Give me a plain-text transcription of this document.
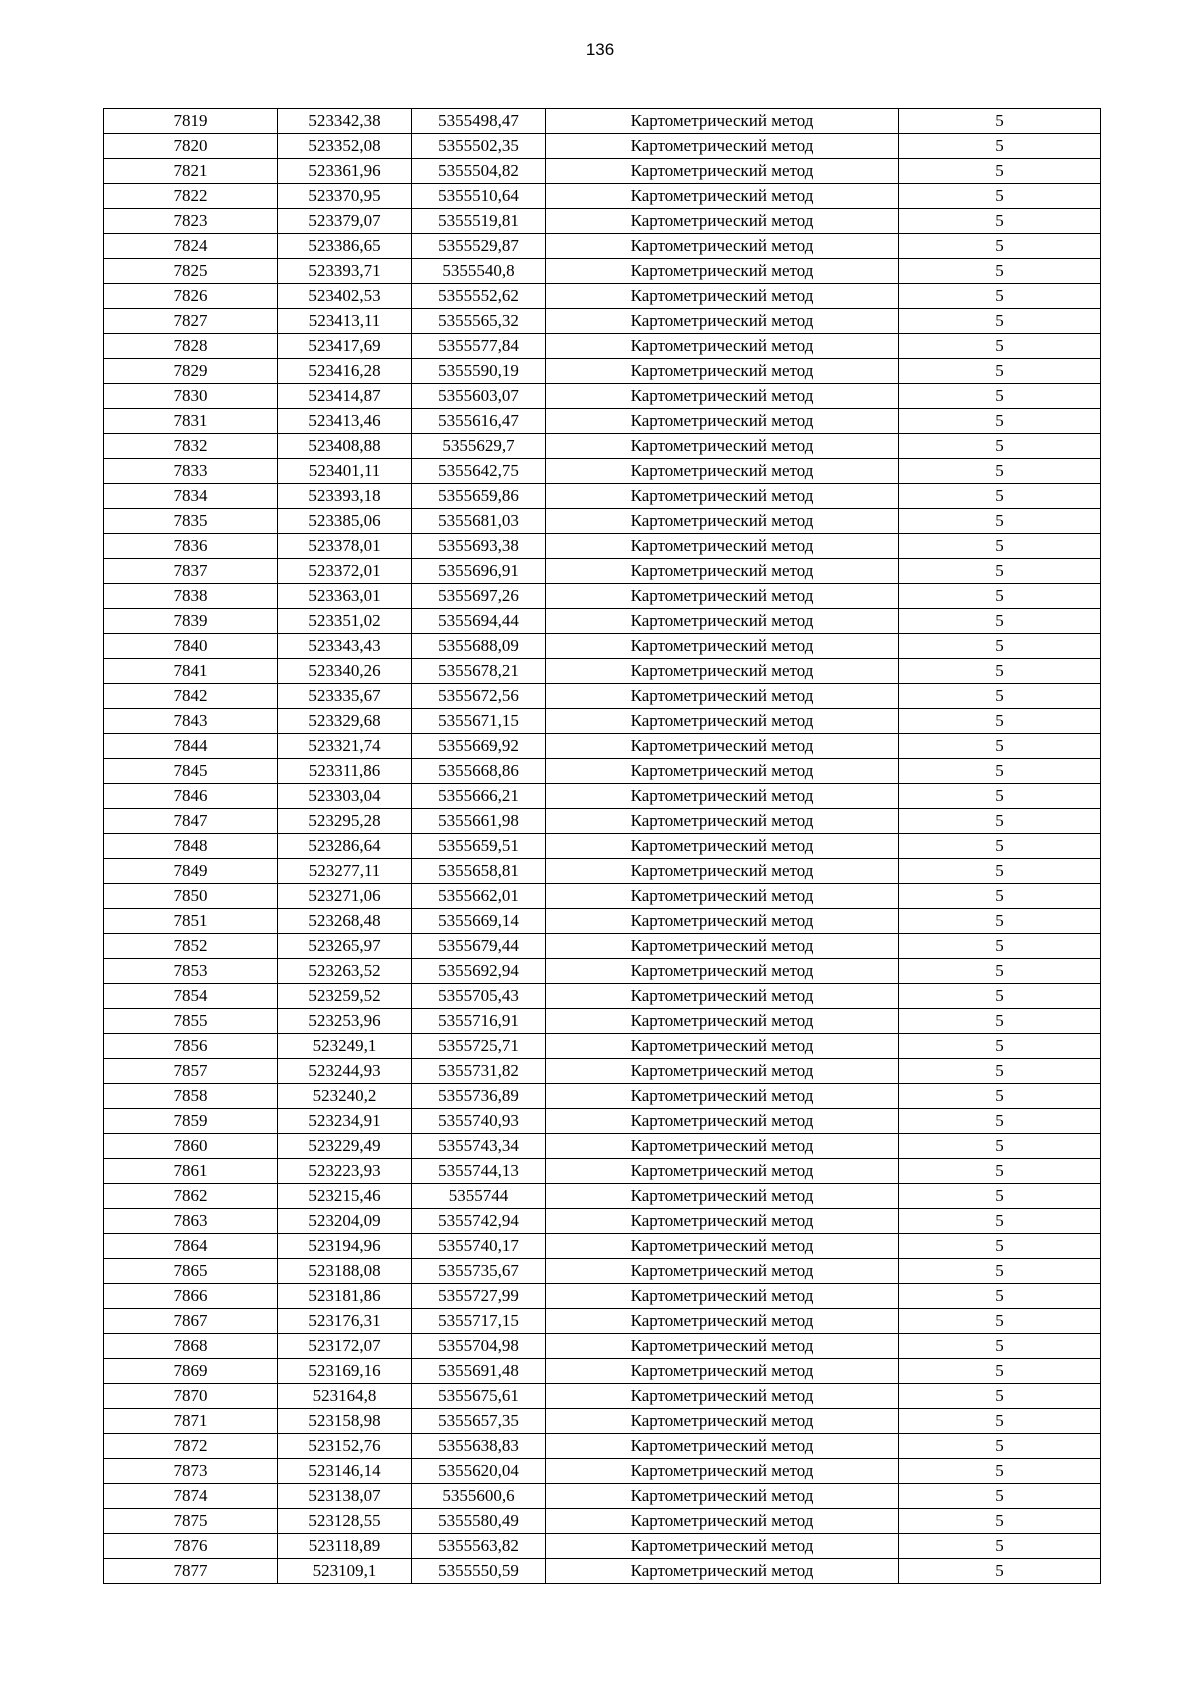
136
7819	523342,38	5355498,47	Картометрический метод	5
7820	523352,08	5355502,35	Картометрический метод	5
7821	523361,96	5355504,82	Картометрический метод	5
7822	523370,95	5355510,64	Картометрический метод	5
7823	523379,07	5355519,81	Картометрический метод	5
7824	523386,65	5355529,87	Картометрический метод	5
7825	523393,71	5355540,8	Картометрический метод	5
7826	523402,53	5355552,62	Картометрический метод	5
7827	523413,11	5355565,32	Картометрический метод	5
7828	523417,69	5355577,84	Картометрический метод	5
7829	523416,28	5355590,19	Картометрический метод	5
7830	523414,87	5355603,07	Картометрический метод	5
7831	523413,46	5355616,47	Картометрический метод	5
7832	523408,88	5355629,7	Картометрический метод	5
7833	523401,11	5355642,75	Картометрический метод	5
7834	523393,18	5355659,86	Картометрический метод	5
7835	523385,06	5355681,03	Картометрический метод	5
7836	523378,01	5355693,38	Картометрический метод	5
7837	523372,01	5355696,91	Картометрический метод	5
7838	523363,01	5355697,26	Картометрический метод	5
7839	523351,02	5355694,44	Картометрический метод	5
7840	523343,43	5355688,09	Картометрический метод	5
7841	523340,26	5355678,21	Картометрический метод	5
7842	523335,67	5355672,56	Картометрический метод	5
7843	523329,68	5355671,15	Картометрический метод	5
7844	523321,74	5355669,92	Картометрический метод	5
7845	523311,86	5355668,86	Картометрический метод	5
7846	523303,04	5355666,21	Картометрический метод	5
7847	523295,28	5355661,98	Картометрический метод	5
7848	523286,64	5355659,51	Картометрический метод	5
7849	523277,11	5355658,81	Картометрический метод	5
7850	523271,06	5355662,01	Картометрический метод	5
7851	523268,48	5355669,14	Картометрический метод	5
7852	523265,97	5355679,44	Картометрический метод	5
7853	523263,52	5355692,94	Картометрический метод	5
7854	523259,52	5355705,43	Картометрический метод	5
7855	523253,96	5355716,91	Картометрический метод	5
7856	523249,1	5355725,71	Картометрический метод	5
7857	523244,93	5355731,82	Картометрический метод	5
7858	523240,2	5355736,89	Картометрический метод	5
7859	523234,91	5355740,93	Картометрический метод	5
7860	523229,49	5355743,34	Картометрический метод	5
7861	523223,93	5355744,13	Картометрический метод	5
7862	523215,46	5355744	Картометрический метод	5
7863	523204,09	5355742,94	Картометрический метод	5
7864	523194,96	5355740,17	Картометрический метод	5
7865	523188,08	5355735,67	Картометрический метод	5
7866	523181,86	5355727,99	Картометрический метод	5
7867	523176,31	5355717,15	Картометрический метод	5
7868	523172,07	5355704,98	Картометрический метод	5
7869	523169,16	5355691,48	Картометрический метод	5
7870	523164,8	5355675,61	Картометрический метод	5
7871	523158,98	5355657,35	Картометрический метод	5
7872	523152,76	5355638,83	Картометрический метод	5
7873	523146,14	5355620,04	Картометрический метод	5
7874	523138,07	5355600,6	Картометрический метод	5
7875	523128,55	5355580,49	Картометрический метод	5
7876	523118,89	5355563,82	Картометрический метод	5
7877	523109,1	5355550,59	Картометрический метод	5
